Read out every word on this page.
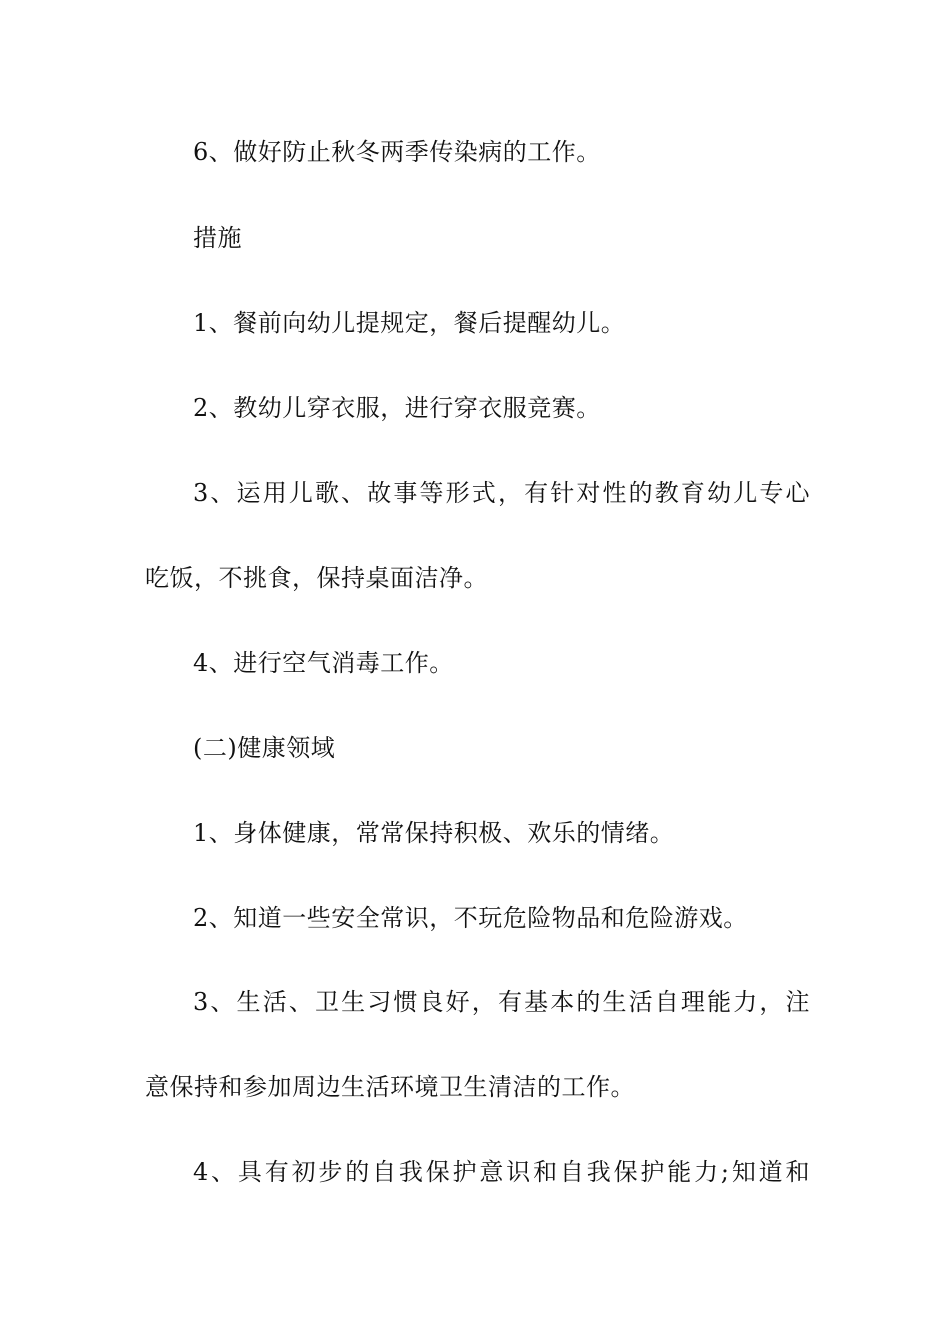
6、做好防止秋冬两季传染病的工作。

措施

1、餐前向幼儿提规定，餐后提醒幼儿。

2、教幼儿穿衣服，进行穿衣服竞赛。

3、运用儿歌、故事等形式，有针对性的教育幼儿专心

吃饭，不挑食，保持桌面洁净。

4、进行空气消毒工作。

(二)健康领域

1、身体健康，常常保持积极、欢乐的情绪。

2、知道一些安全常识，不玩危险物品和危险游戏。

3、生活、卫生习惯良好，有基本的生活自理能力，注

意保持和参加周边生活环境卫生清洁的工作。

4、具有初步的自我保护意识和自我保护能力;知道和
